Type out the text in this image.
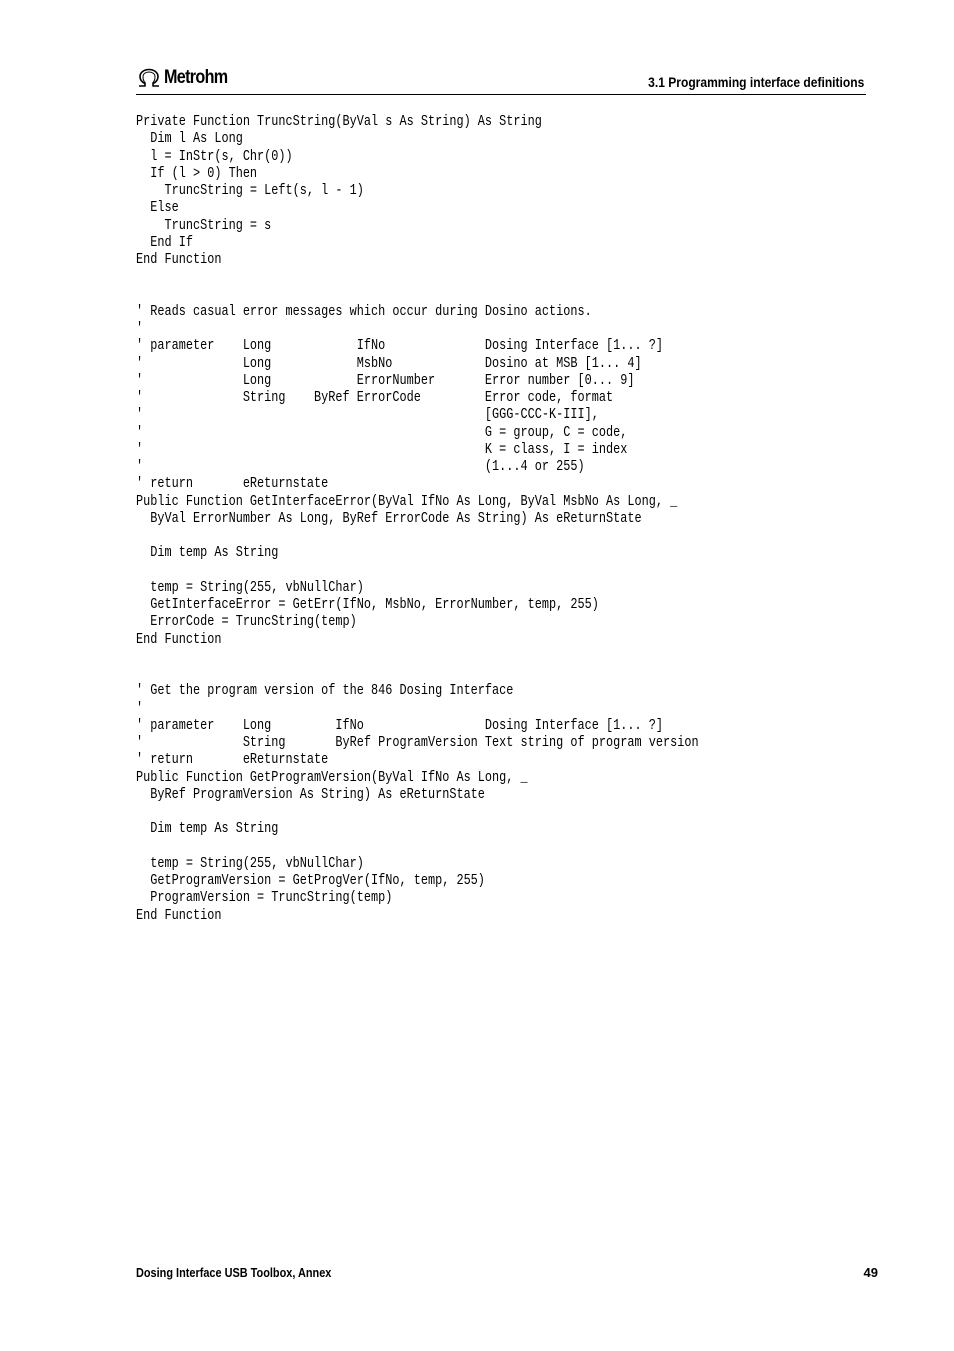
Metrohm	3.1 Programming interface definitions
Private Function TruncString(ByVal s As String) As String
Dim l As Long
l = InStr(s, Chr(0))
If (l > 0) Then
TruncString = Left(s, l - 1)
Else
TruncString = s
End If
End Function

' Reads casual error messages which occur during Dosino actions.
'
' parameter    Long            IfNo              Dosing Interface [1... ?]
'              Long            MsbNo             Dosino at MSB [1... 4]
'              Long            ErrorNumber       Error number [0... 9]
'              String    ByRef ErrorCode         Error code, format
'                                                [GGG-CCC-K-III],
'                                                G = group, C = code,
'                                                K = class, I = index
'                                                (1...4 or 255)
' return       eReturnstate
Public Function GetInterfaceError(ByVal IfNo As Long, ByVal MsbNo As Long, _
ByVal ErrorNumber As Long, ByRef ErrorCode As String) As eReturnState

Dim temp As String

temp = String(255, vbNullChar)
GetInterfaceError = GetErr(IfNo, MsbNo, ErrorNumber, temp, 255)
ErrorCode = TruncString(temp)
End Function

' Get the program version of the 846 Dosing Interface
'
' parameter    Long         IfNo                 Dosing Interface [1... ?]
'              String       ByRef ProgramVersion Text string of program version
' return       eReturnstate
Public Function GetProgramVersion(ByVal IfNo As Long, _
ByRef ProgramVersion As String) As eReturnState

Dim temp As String

temp = String(255, vbNullChar)
GetProgramVersion = GetProgVer(IfNo, temp, 255)
ProgramVersion = TruncString(temp)
End Function
Dosing Interface USB Toolbox, Annex	49
